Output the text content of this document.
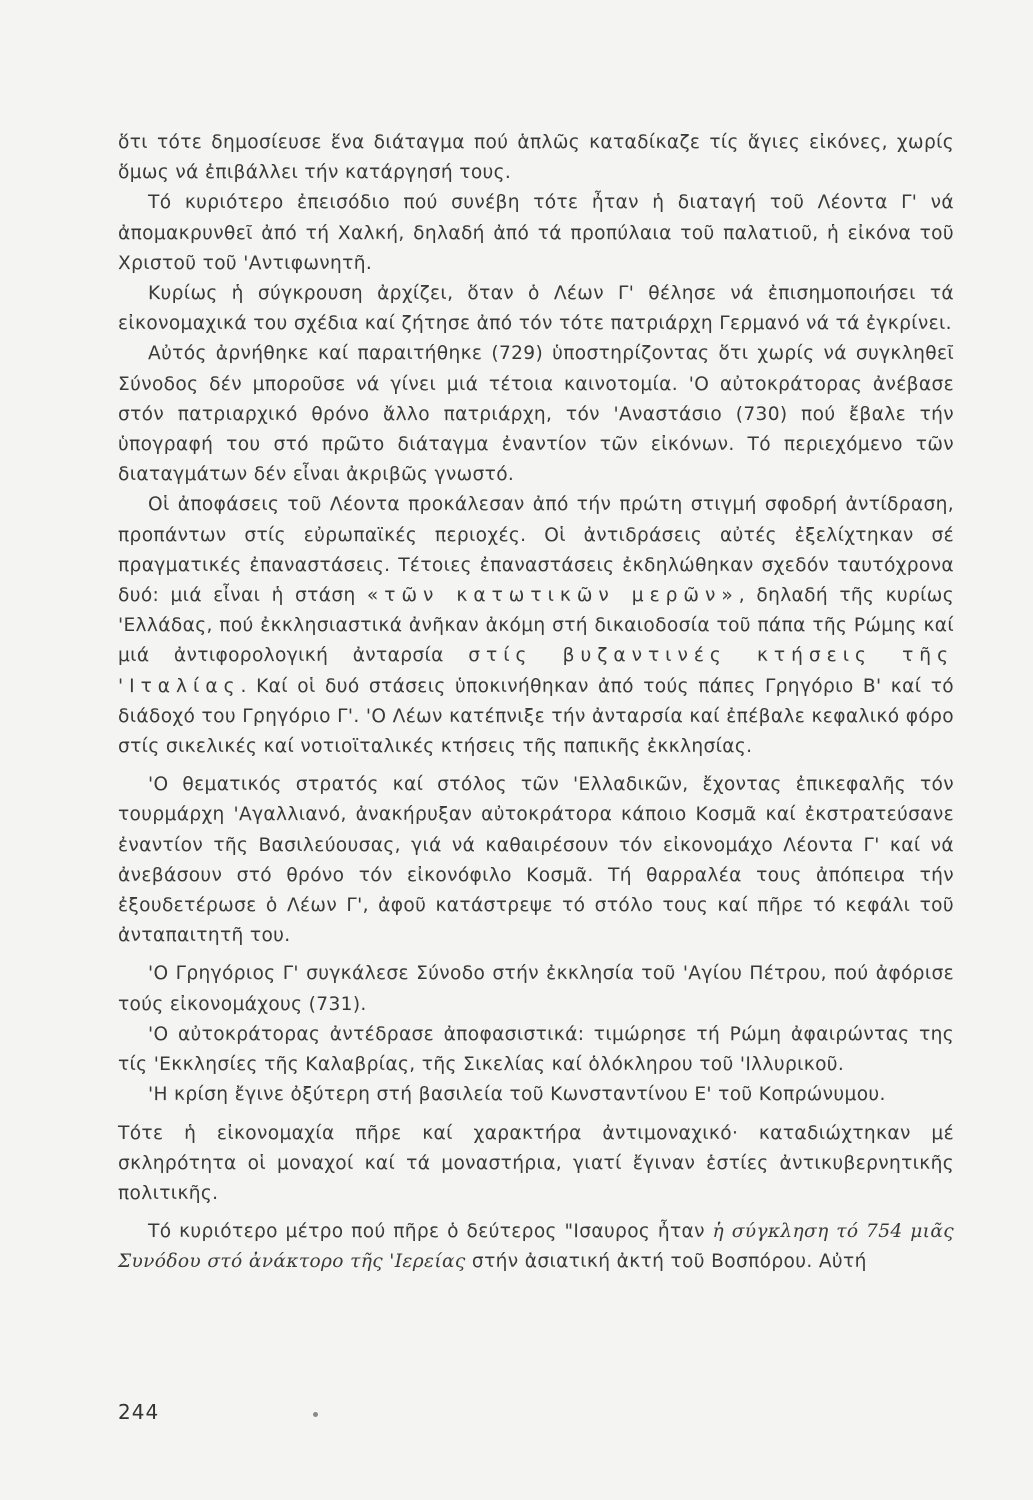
ὅτι τότε δημοσίευσε ἕνα διάταγμα πού ἁπλῶς καταδίκαζε τίς ἅγιες εἰκόνες, χωρίς ὅμως νά ἐπιβάλλει τήν κατάργησή τους.

Τό κυριότερο ἐπεισόδιο πού συνέβη τότε ἦταν ἡ διαταγή τοῦ Λέοντα Γ' νά ἀπομακρυνθεῖ ἀπό τή Χαλκή, δηλαδή ἀπό τά προπύλαια τοῦ παλατιοῦ, ἡ εἰκόνα τοῦ Χριστοῦ τοῦ 'Αντιφωνητῆ.

Κυρίως ἡ σύγκρουση ἀρχίζει, ὅταν ὁ Λέων Γ' θέλησε νά ἐπισημοποιήσει τά εἰκονομαχικά του σχέδια καί ζήτησε ἀπό τόν τότε πατριάρχη Γερμανό νά τά ἐγκρίνει.

Αὐτός ἀρνήθηκε καί παραιτήθηκε (729) ὑποστηρίζοντας ὅτι χωρίς νά συγκληθεῖ Σύνοδος δέν μποροῦσε νά γίνει μιά τέτοια καινοτομία. 'Ο αὐτοκράτορας ἀνέβασε στόν πατριαρχικό θρόνο ἄλλο πατριάρχη, τόν 'Αναστάσιο (730) πού ἔβαλε τήν ὑπογραφή του στό πρῶτο διάταγμα ἐναντίον τῶν εἰκόνων. Τό περιεχόμενο τῶν διαταγμάτων δέν εἶναι ἀκριβῶς γνωστό.

Οἱ ἀποφάσεις τοῦ Λέοντα προκάλεσαν ἀπό τήν πρώτη στιγμή σφοδρή ἀντίδραση, προπάντων στίς εὐρωπαϊκές περιοχές. Οἱ ἀντιδράσεις αὐτές ἐξελίχτηκαν σέ πραγματικές ἐπαναστάσεις. Τέτοιες ἐπαναστάσεις ἐκδηλώθηκαν σχεδόν ταυτόχρονα δυό: μιά εἶναι ἡ στάση «τῶν κατωτικῶν μερῶν», δηλαδή τῆς κυρίως 'Ελλάδας, πού ἐκκλησιαστικά ἀνῆκαν ἀκόμη στή δικαιοδοσία τοῦ πάπα τῆς Ρώμης καί μιά ἀντιφορολογική ἀνταρσία στίς βυζαντινές κτήσεις τῆς 'Ιταλίας. Καί οἱ δυό στάσεις ὑποκινήθηκαν ἀπό τούς πάπες Γρηγόριο Β' καί τό διάδοχό του Γρηγόριο Γ'. 'Ο Λέων κατέπνιξε τήν ἀνταρσία καί ἐπέβαλε κεφαλικό φόρο στίς σικελικές καί νοτιοϊταλικές κτήσεις τῆς παπικῆς ἐκκλησίας.

'Ο θεματικός στρατός καί στόλος τῶν 'Ελλαδικῶν, ἔχοντας ἐπικεφαλῆς τόν τουρμάρχη 'Αγαλλιανό, ἀνακήρυξαν αὐτοκράτορα κάποιο Κοσμᾶ καί ἐκστρατεύσανε ἐναντίον τῆς Βασιλεύουσας, γιά νά καθαιρέσουν τόν εἰκονομάχο Λέοντα Γ' καί νά ἀνεβάσουν στό θρόνο τόν εἰκονόφιλο Κοσμᾶ. Τή θαρραλέα τους ἀπόπειρα τήν ἐξουδετέρωσε ὁ Λέων Γ', ἀφοῦ κατάστρεψε τό στόλο τους καί πῆρε τό κεφάλι τοῦ ἀνταπαιτητῆ του.

'Ο Γρηγόριος Γ' συγκάλεσε Σύνοδο στήν ἐκκλησία τοῦ 'Αγίου Πέτρου, πού ἀφόρισε τούς εἰκονομάχους (731).

'Ο αὐτοκράτορας ἀντέδρασε ἀποφασιστικά: τιμώρησε τή Ρώμη ἀφαιρώντας της τίς 'Εκκλησίες τῆς Καλαβρίας, τῆς Σικελίας καί ὁλόκληρου τοῦ 'Ιλλυρικοῦ.

'Η κρίση ἔγινε ὀξύτερη στή βασιλεία τοῦ Κωνσταντίνου Ε' τοῦ Κοπρώνυμου.

Τότε ἡ εἰκονομαχία πῆρε καί χαρακτήρα ἀντιμοναχικό· καταδιώχτηκαν μέ σκληρότητα οἱ μοναχοί καί τά μοναστήρια, γιατί ἔγιναν ἑστίες ἀντικυβερνητικῆς πολιτικῆς.

Τό κυριότερο μέτρο πού πῆρε ὁ δεύτερος "Ισαυρος ἦταν ἡ σύγκληση τό 754 μιᾶς Συνόδου στό ἀνάκτορο τῆς 'Ιερείας στήν ἀσιατική ἀκτή τοῦ Βοσπόρου. Αὐτή

244
